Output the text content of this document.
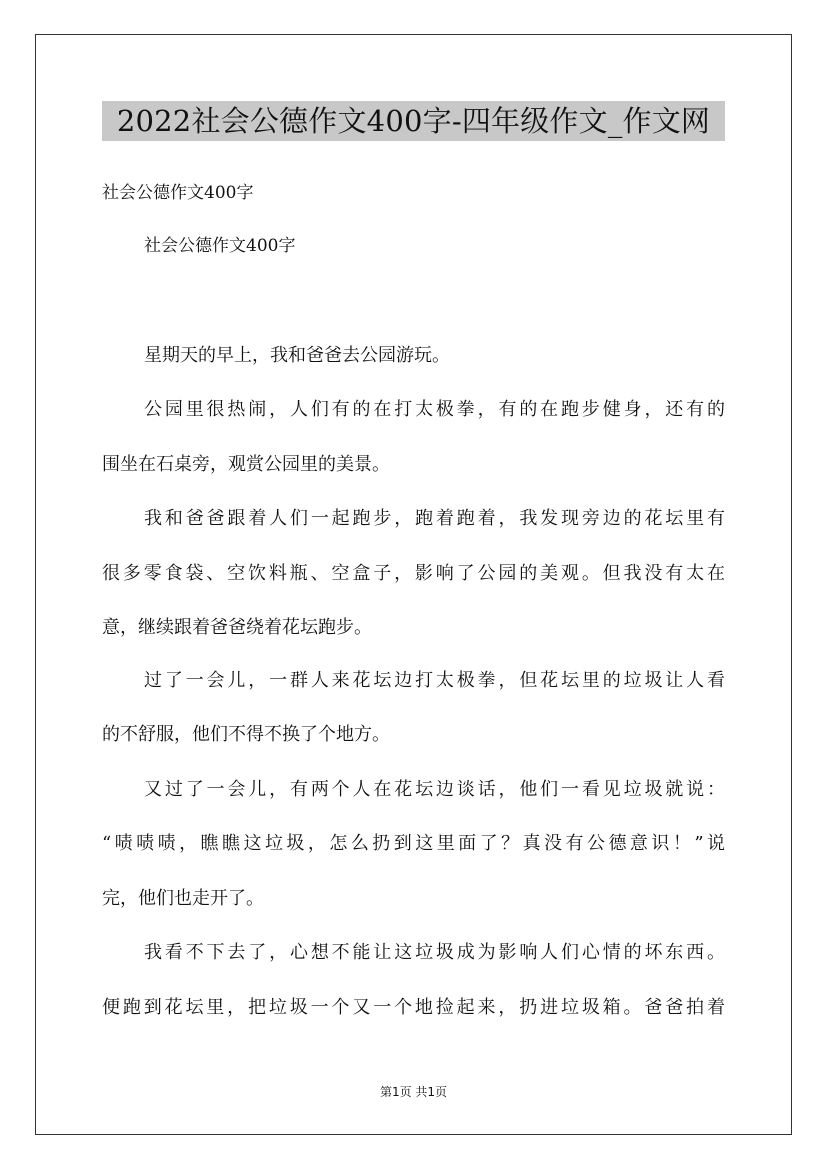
2022社会公德作文400字-四年级作文_作文网

社会公德作文400字

社会公德作文400字

星期天的早上，我和爸爸去公园游玩。

公园里很热闹，人们有的在打太极拳，有的在跑步健身，还有的

围坐在石桌旁，观赏公园里的美景。

我和爸爸跟着人们一起跑步，跑着跑着，我发现旁边的花坛里有

很多零食袋、空饮料瓶、空盒子，影响了公园的美观。但我没有太在

意，继续跟着爸爸绕着花坛跑步。

过了一会儿，一群人来花坛边打太极拳，但花坛里的垃圾让人看

的不舒服，他们不得不换了个地方。

又过了一会儿，有两个人在花坛边谈话，他们一看见垃圾就说：

“啧啧啧，瞧瞧这垃圾，怎么扔到这里面了？真没有公德意识！”说

完，他们也走开了。

我看不下去了，心想不能让这垃圾成为影响人们心情的坏东西。

便跑到花坛里，把垃圾一个又一个地捡起来，扔进垃圾箱。爸爸拍着

第1页 共1页
